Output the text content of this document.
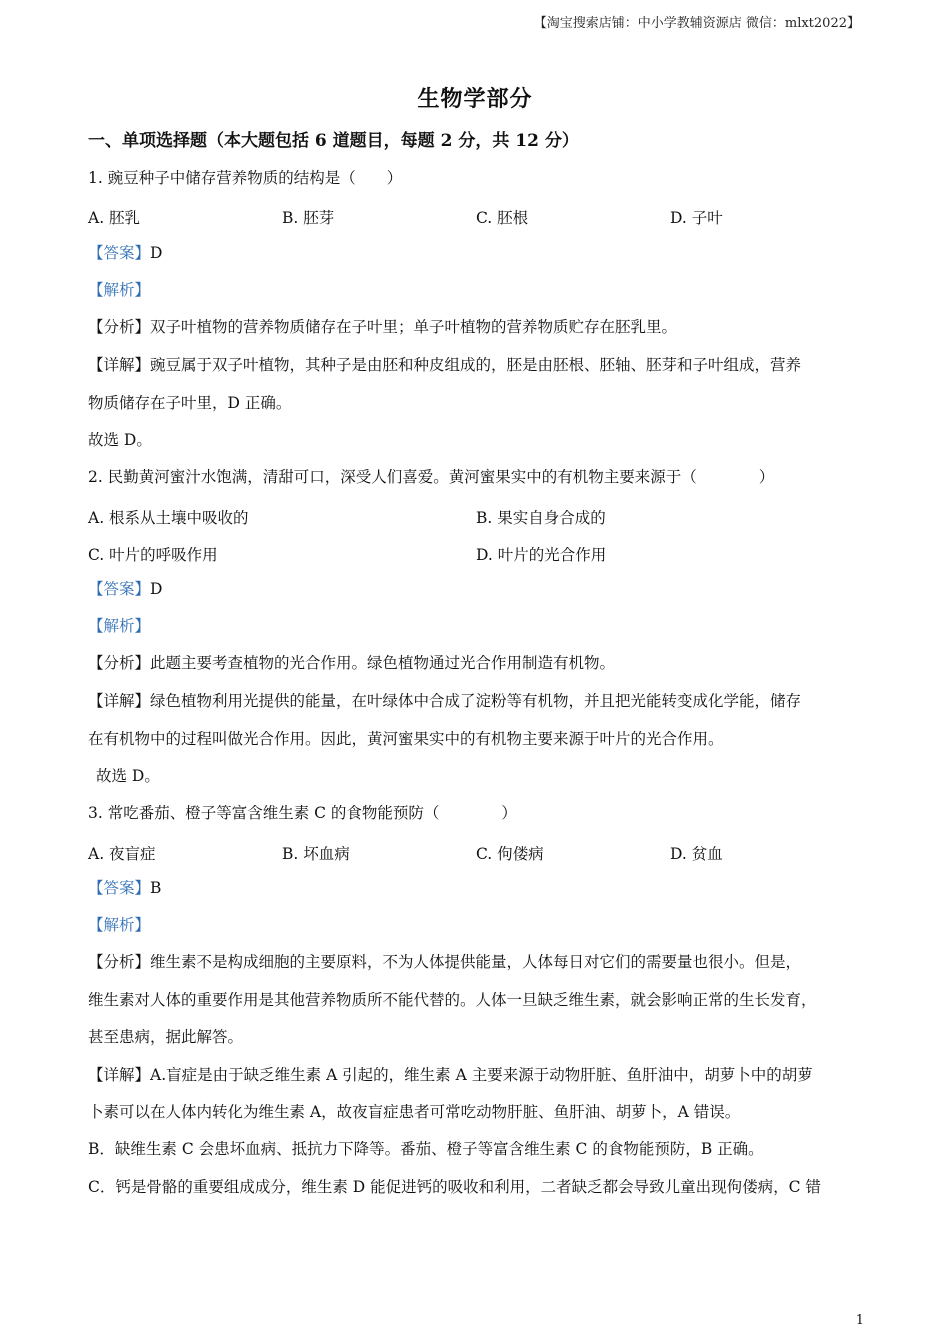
【淘宝搜索店铺：中小学教辅资源店 微信：mlxt2022】
生物学部分
一、单项选择题（本大题包括 6 道题目，每题 2 分，共 12 分）
1. 豌豆种子中储存营养物质的结构是（　　）
A. 胚乳	B. 胚芽	C. 胚根	D. 子叶
【答案】D
【解析】
【分析】双子叶植物的营养物质储存在子叶里；单子叶植物的营养物质贮存在胚乳里。
【详解】豌豆属于双子叶植物，其种子是由胚和种皮组成的，胚是由胚根、胚轴、胚芽和子叶组成，营养
物质储存在子叶里，D 正确。
故选 D。
2. 民勤黄河蜜汁水饱满，清甜可口，深受人们喜爱。黄河蜜果实中的有机物主要来源于（　　　　）
A. 根系从土壤中吸收的	B. 果实自身合成的
C. 叶片的呼吸作用	D. 叶片的光合作用
【答案】D
【解析】
【分析】此题主要考查植物的光合作用。绿色植物通过光合作用制造有机物。
【详解】绿色植物利用光提供的能量，在叶绿体中合成了淀粉等有机物，并且把光能转变成化学能，储存
在有机物中的过程叫做光合作用。因此，黄河蜜果实中的有机物主要来源于叶片的光合作用。
故选 D。
3. 常吃番茄、橙子等富含维生素 C 的食物能预防（　　　　）
A. 夜盲症	B. 坏血病	C. 佝偻病	D. 贫血
【答案】B
【解析】
【分析】维生素不是构成细胞的主要原料，不为人体提供能量，人体每日对它们的需要量也很小。但是，
维生素对人体的重要作用是其他营养物质所不能代替的。人体一旦缺乏维生素，就会影响正常的生长发育，
甚至患病，据此解答。
【详解】A.盲症是由于缺乏维生素 A 引起的，维生素 A 主要来源于动物肝脏、鱼肝油中，胡萝卜中的胡萝
卜素可以在人体内转化为维生素 A，故夜盲症患者可常吃动物肝脏、鱼肝油、胡萝卜，A 错误。
B．缺维生素 C 会患坏血病、抵抗力下降等。番茄、橙子等富含维生素 C 的食物能预防，B 正确。
C．钙是骨骼的重要组成成分，维生素 D 能促进钙的吸收和利用，二者缺乏都会导致儿童出现佝偻病，C 错
1
